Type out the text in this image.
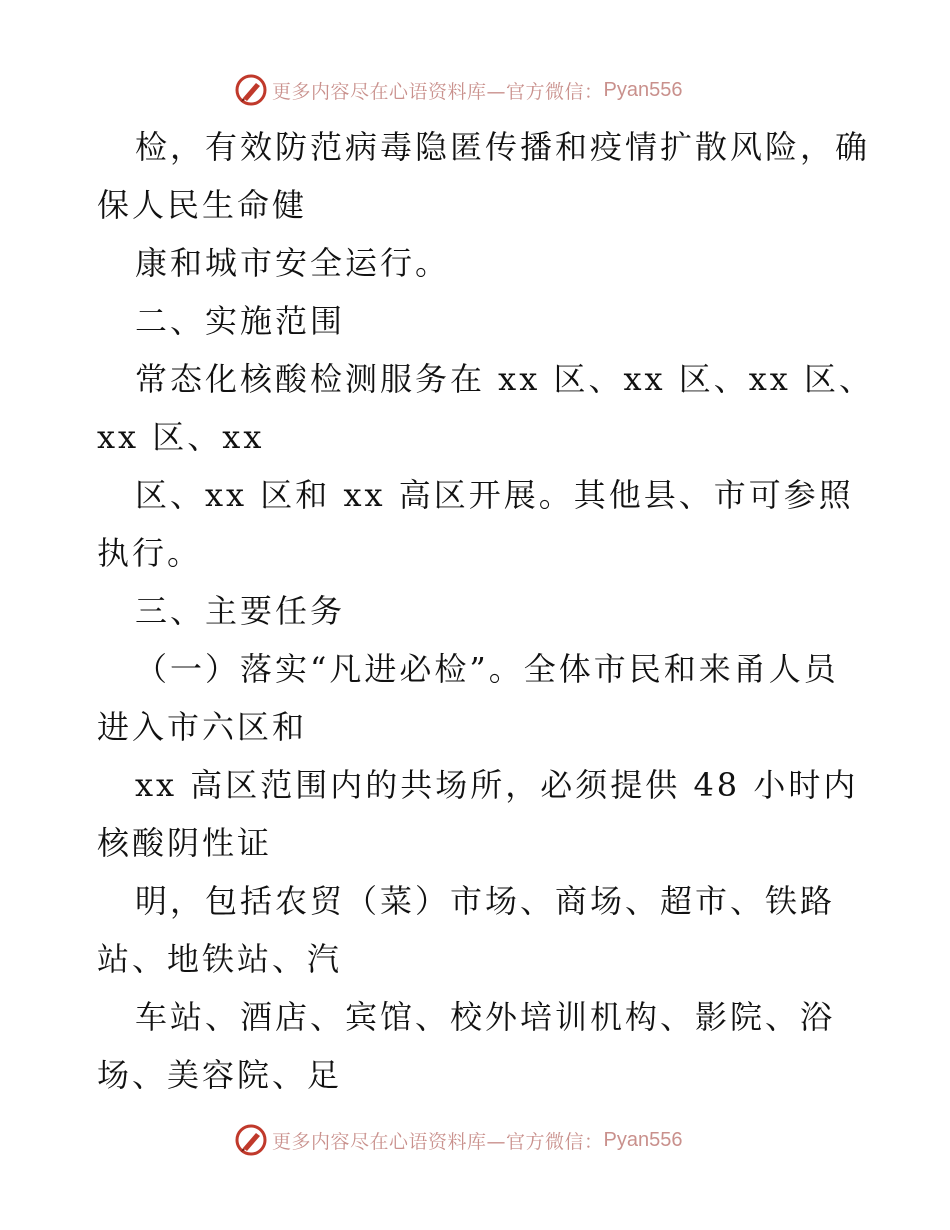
更多内容尽在心语资料库—官方微信： Pyan556
检，有效防范病毒隐匿传播和疫情扩散风险，确
保人民生命健
康和城市安全运行。
二、实施范围
常态化核酸检测服务在 xx 区、xx 区、xx 区、
xx 区、xx
区、xx 区和 xx 高区开展。其他县、市可参照
执行。
三、主要任务
（一）落实“凡进必检”。全体市民和来甬人员
进入市六区和
xx 高区范围内的共场所，必须提供 48 小时内
核酸阴性证
明，包括农贸（菜）市场、商场、超市、铁路
站、地铁站、汽
车站、酒店、宾馆、校外培训机构、影院、浴
场、美容院、足
更多内容尽在心语资料库—官方微信： Pyan556
